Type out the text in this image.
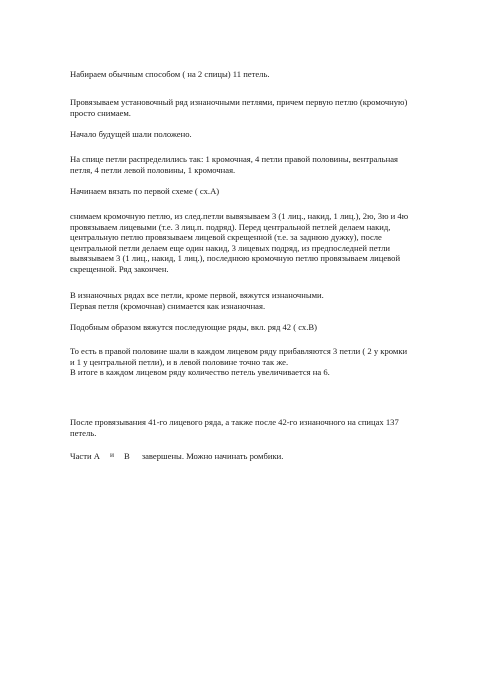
Набираем обычным способом ( на 2 спицы) 11 петель.

Провязываем установочный ряд изнаночными петлями, причем первую петлю (кромочную)
просто снимаем.

Начало будущей шали положено.

На спице петли распределились так: 1 кромочная, 4 петли правой половины, вентральная
петля, 4 петли левой половины, 1 кромочная.

Начинаем вязать по первой схеме ( сх.А)

снимаем кромочную петлю, из след.петли вывязываем 3 (1 лиц., накид, 1 лиц.), 2ю, 3ю и 4ю
провязываем лицевыми (т.е. 3 лиц.п. подряд). Перед центральной петлей делаем накид,
центральную петлю провязываем лицевой скрещенной (т.е. за заднюю дужку), после
центральной петли делаем еще один накид, 3 лицевых подряд, из предпоследней петли
вывязываем 3 (1 лиц., накид, 1 лиц.), последнюю кромочную петлю провязываем лицевой
скрещенной. Ряд закончен.

В изнаночных рядах все петли, кроме первой, вяжутся изнаночными.
Первая петля (кромочная) снимается как изнаночная.

Подобным образом вяжутся последующие ряды, вкл. ряд 42 ( сх.В)

То есть в правой половине шали в каждом лицевом ряду прибавляются 3 петли ( 2 у кромки
и 1 у центральной петли), и в левой половине точно так же.
В итоге в каждом лицевом ряду количество петель увеличивается на 6.

После провязывания 41-го лицевого ряда, а также после 42-го изнаночного на спицах 137
петель.

Части А и В завершены. Можно начинать ромбики.
